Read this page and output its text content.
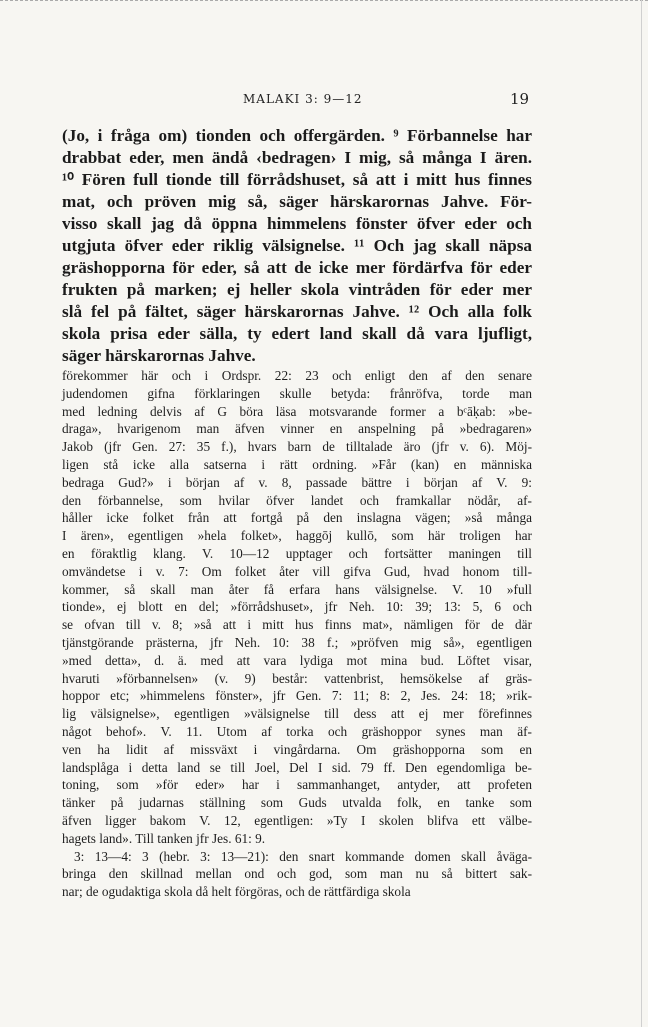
MALAKI 3: 9—12	19
(Jo, i fråga om) tionden och offergärden. ⁹ Förbannelse har
drabbat eder, men ändå ‹bedragen› I mig, så många I ären.
¹⁰ Fören full tionde till förrådshuset, så att i mitt hus finnes
mat, och pröven mig så, säger härskarornas Jahve. För-
visso skall jag då öppna himmelens fönster öfver eder och
utgjuta öfver eder riklig välsignelse. ¹¹ Och jag skall näpsa
gräshopporna för eder, så att de icke mer fördärfva för eder
frukten på marken; ej heller skola vintråden för eder mer
slå fel på fältet, säger härskarornas Jahve. ¹² Och alla folk
skola prisa eder sälla, ty edert land skall då vara ljufligt,
säger härskarornas Jahve.
förekommer här och i Ordspr. 22: 23 och enligt den af den senare
judendomen gifna förklaringen skulle betyda: frånröfva, torde man
med ledning delvis af G böra läsa motsvarande former a bᶜāḳab: »be-
draga», hvarigenom man äfven vinner en anspelning på »bedragaren»
Jakob (jfr Gen. 27: 35 f.), hvars barn de tilltalade äro (jfr v. 6). Möj-
ligen stå icke alla satserna i rätt ordning. »Får (kan) en människa
bedraga Gud?» i början af v. 8, passade bättre i början af V. 9:
den förbannelse, som hvilar öfver landet och framkallar nödår, af-
håller icke folket från att fortgå på den inslagna vägen; »så många
I ären», egentligen »hela folket», haggōj kullō, som här troligen har
en föraktlig klang. V. 10—12 upptager och fortsätter maningen till
omvändetse i v. 7: Om folket åter vill gifva Gud, hvad honom till-
kommer, så skall man åter få erfara hans välsignelse. V. 10 »full
tionde», ej blott en del; »förrådshuset», jfr Neh. 10: 39; 13: 5, 6 och
se ofvan till v. 8; »så att i mitt hus finns mat», nämligen för de där
tjänstgörande prästerna, jfr Neh. 10: 38 f.; »pröfven mig så», egentligen
»med detta», d. ä. med att vara lydiga mot mina bud. Löftet visar,
hvaruti »förbannelsen» (v. 9) består: vattenbrist, hemsökelse af gräs-
hoppor etc; »himmelens fönster», jfr Gen. 7: 11; 8: 2, Jes. 24: 18; »rik-
lig välsignelse», egentligen »välsignelse till dess att ej mer förefinnes
något behof». V. 11. Utom af torka och gräshoppor synes man äf-
ven ha lidit af missväxt i vingårdarna. Om gräshopporna som en
landsplåga i detta land se till Joel, Del I sid. 79 ff. Den egendomliga be-
toning, som »för eder» har i sammanhanget, antyder, att profeten
tänker på judarnas ställning som Guds utvalda folk, en tanke som
äfven ligger bakom V. 12, egentligen: »Ty I skolen blifva ett välbe-
hagets land». Till tanken jfr Jes. 61: 9.
3: 13—4: 3 (hebr. 3: 13—21): den snart kommande domen skall åväga-
bringa den skillnad mellan ond och god, som man nu så bittert sak-
nar; de ogudaktiga skola då helt förgöras, och de rättfärdiga skola
